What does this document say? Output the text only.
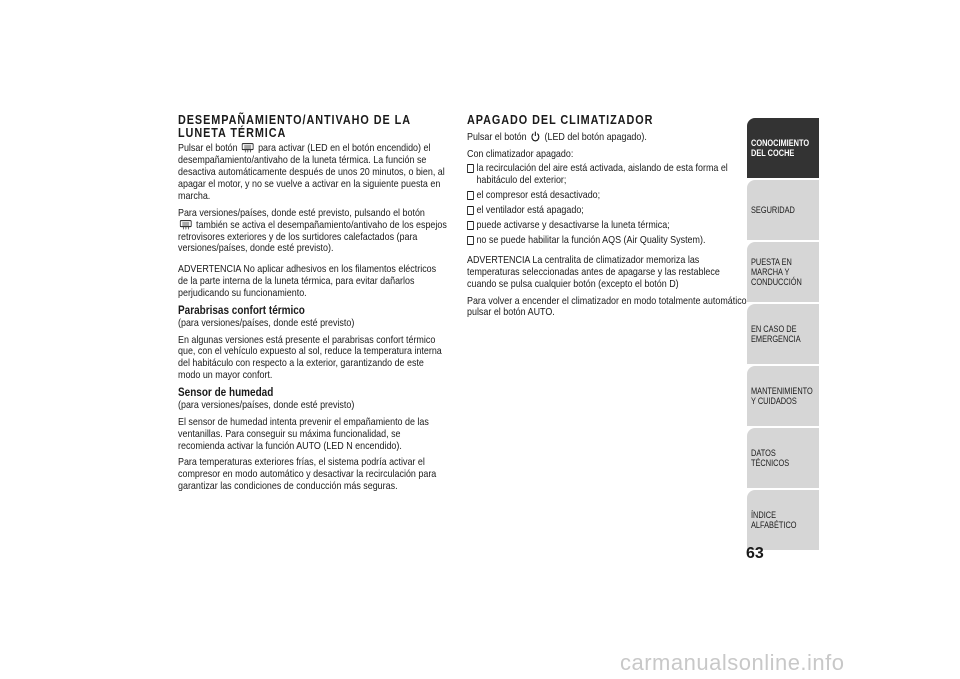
DESEMPAÑAMIENTO/ANTIVAHO DE LA LUNETA TÉRMICA

Pulsar el botón para activar (LED en el botón encendido) el desempañamiento/antivaho de la luneta térmica. La función se desactiva automáticamente después de unos 20 minutos, o bien, al apagar el motor, y no se vuelve a activar en la siguiente puesta en marcha.

Para versiones/países, donde esté previsto, pulsando el botón
también se activa el desempañamiento/antivaho de los espejos retrovisores exteriores y de los surtidores calefactados (para versiones/países, donde esté previsto).

ADVERTENCIA No aplicar adhesivos en los filamentos eléctricos de la parte interna de la luneta térmica, para evitar dañarlos perjudicando su funcionamiento.

Parabrisas confort térmico

(para versiones/países, donde esté previsto)

En algunas versiones está presente el parabrisas confort térmico que, con el vehículo expuesto al sol, reduce la temperatura interna del habitáculo con respecto a la exterior, garantizando de este modo un mayor confort.

Sensor de humedad

(para versiones/países, donde esté previsto)

El sensor de humedad intenta prevenir el empañamiento de las ventanillas. Para conseguir su máxima funcionalidad, se recomienda activar la función AUTO (LED N encendido).

Para temperaturas exteriores frías, el sistema podría activar el compresor en modo automático y desactivar la recirculación para garantizar las condiciones de conducción más seguras.

APAGADO DEL CLIMATIZADOR

Pulsar el botón (LED del botón apagado).

Con climatizador apagado:

la recirculación del aire está activada, aislando de esta forma el habitáculo del exterior;
el compresor está desactivado;
el ventilador está apagado;
puede activarse y desactivarse la luneta térmica;
no se puede habilitar la función AQS (Air Quality System).

ADVERTENCIA La centralita de climatizador memoriza las temperaturas seleccionadas antes de apagarse y las restablece cuando se pulsa cualquier botón (excepto el botón D)

Para volver a encender el climatizador en modo totalmente automático pulsar el botón AUTO.

CONOCIMIENTO DEL COCHE
SEGURIDAD
PUESTA EN MARCHA Y CONDUCCIÓN
EN CASO DE EMERGENCIA
MANTENIMIENTO Y CUIDADOS
DATOS TÉCNICOS
ÍNDICE ALFABÉTICO
63
carmanualsonline.info
